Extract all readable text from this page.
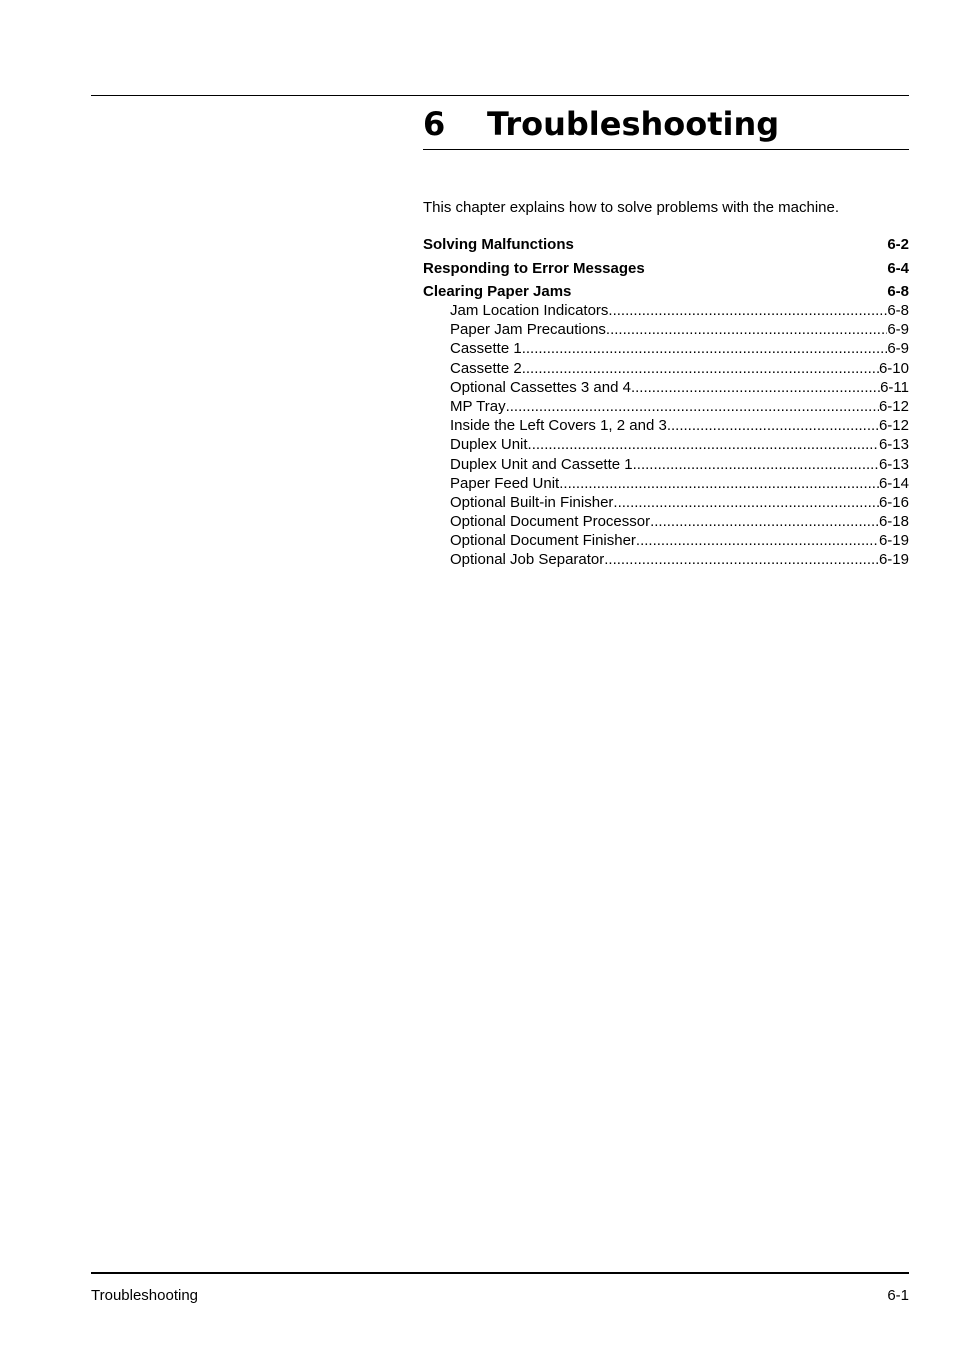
6 Troubleshooting
This chapter explains how to solve problems with the machine.
Solving Malfunctions	6-2
Responding to Error Messages	6-4
Clearing Paper Jams	6-8
Jam Location Indicators .....	6-8
Paper Jam Precautions .....	6-9
Cassette 1 .....	6-9
Cassette 2 .....	6-10
Optional Cassettes 3 and 4 .....	6-11
MP Tray .....	6-12
Inside the Left Covers 1, 2 and 3 .....	6-12
Duplex Unit .....	6-13
Duplex Unit and Cassette 1 .....	6-13
Paper Feed Unit .....	6-14
Optional Built-in Finisher .....	6-16
Optional Document Processor .....	6-18
Optional Document Finisher .....	6-19
Optional Job Separator .....	6-19
Troubleshooting	6-1
